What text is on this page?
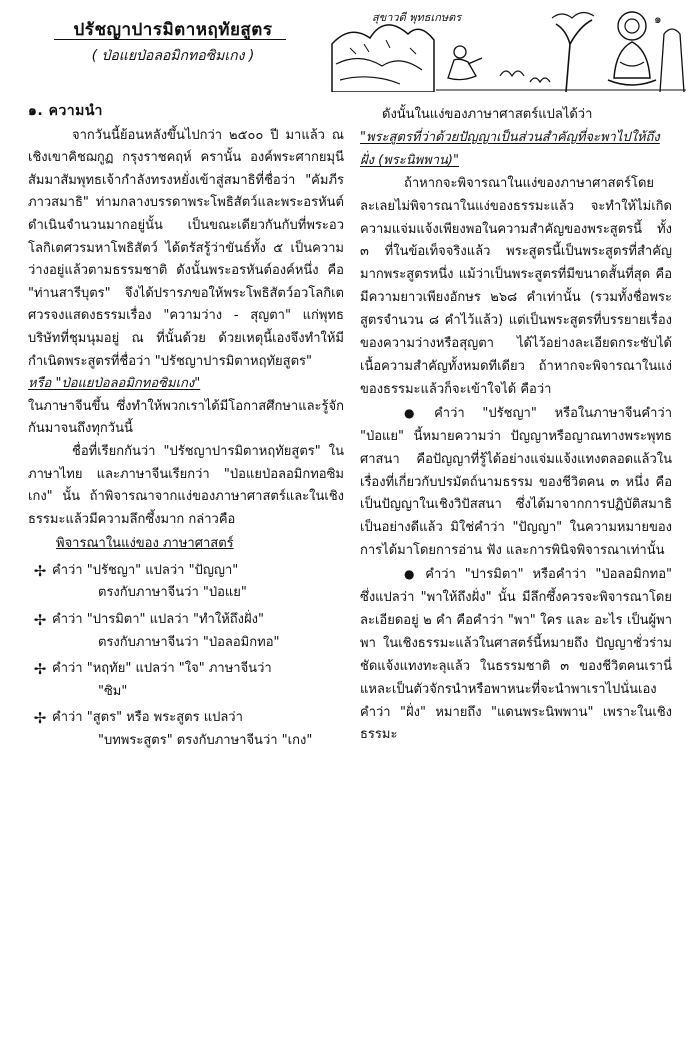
ปรัชญาปารมิตาหฤทัยสูตร
( ป่อแยป่อลอมิกทอซิมเกง )
สุขาวดี พุทธเกษตร	๑
๑. ความนำ

จากวันนี้ย้อนหลังขึ้นไปกว่า ๒๕๐๐ ปี มาแล้ว ณ เชิงเขาคิชฌกูฏ กรุงราชคฤห์ ครานั้น องค์พระศากยมุนีสัมมาสัมพุทธเจ้ากำลังทรงหยั่งเข้าสู่สมาธิที่ชื่อว่า "คัมภีรภาวสมาธิ" ท่ามกลางบรรดาพระโพธิสัตว์และพระอรหันต์ดำเนินจำนวนมากอยู่นั้น เป็นขณะเดียวกันกับที่พระอวโลกิเตศวรมหาโพธิสัตว์ ได้ตรัสรู้ว่าขันธ์ทั้ง ๕ เป็นความว่างอยู่แล้วตามธรรมชาติ ดังนั้นพระอรหันต์องค์หนึ่ง คือ "ท่านสารีบุตร" จึงได้ปรารภขอให้พระโพธิสัตว์อวโลกิเตศวรจงแสดงธรรมเรื่อง "ความว่าง - สุญตา" แก่พุทธบริษัทที่ชุมนุมอยู่ ณ ที่นั้นด้วย ด้วยเหตุนี้เองจึงทำให้มีกำเนิดพระสูตรที่ชื่อว่า "ปรัชญาปารมิตาหฤทัยสูตร"

หรือ "ป่อแยป่อลอมิกทอซิมเกง"

ในภาษาจีนขึ้น ซึ่งทำให้พวกเราได้มีโอกาสศึกษาและรู้จักกันมาจนถึงทุกวันนี้

ชื่อที่เรียกกันว่า "ปรัชญาปารมิตาหฤทัยสูตร" ในภาษาไทย และภาษาจีนเรียกว่า "ป่อแยป่อลอมิกทอซิมเกง" นั้น ถ้าพิจารณาจากแง่ของภาษาศาสตร์และในเชิงธรรมะแล้วมีความลึกซึ้งมาก กล่าวคือ

พิจารณาในแง่ของ ภาษาศาสตร์
✢ คำว่า "ปรัชญา" แปลว่า "ปัญญา"
ตรงกับภาษาจีนว่า "ป่อแย"
✢ คำว่า "ปารมิตา" แปลว่า "ทำให้ถึงฝั่ง"
ตรงกับภาษาจีนว่า "ป่อลอมิกทอ"
✢ คำว่า "หฤทัย" แปลว่า "ใจ" ภาษาจีนว่า
"ซิม"
✢ คำว่า "สูตร" หรือ พระสูตร แปลว่า
"บทพระสูตร" ตรงกับภาษาจีนว่า "เกง"

ดังนั้นในแง่ของภาษาศาสตร์แปลได้ว่า

"พระสูตรที่ว่าด้วยปัญญาเป็นส่วนสำคัญที่จะพาไปให้ถึงฝั่ง (พระนิพพาน)"

ถ้าหากจะพิจารณาในแง่ของภาษาศาสตร์โดยละเลยไม่พิจารณาในแง่ของธรรมะแล้ว จะทำให้ไม่เกิดความแจ่มแจ้งเพียงพอในความสำคัญของพระสูตรนี้ ทั้ง ๓ ที่ในข้อเท็จจริงแล้ว พระสูตรนี้เป็นพระสูตรที่สำคัญมากพระสูตรหนึ่ง แม้ว่าเป็นพระสูตรที่มีขนาดสั้นที่สุด คือมีความยาวเพียงอักษร ๒๖๘ คำเท่านั้น (รวมทั้งชื่อพระสูตรจำนวน ๘ คำไว้แล้ว) แต่เป็นพระสูตรที่บรรยายเรื่องของความว่างหรือสุญตา ได้ไว้อย่างละเอียดกระชับได้เนื้อความสำคัญทั้งหมดทีเดียว ถ้าหากจะพิจารณาในแง่ของธรรมะแล้วก็จะเข้าใจได้ คือว่า

● คำว่า "ปรัชญา" หรือในภาษาจีนคำว่า "ป่อแย" นี้หมายความว่า ปัญญาหรือญาณทางพระพุทธศาสนา คือปัญญาที่รู้ได้อย่างแจ่มแจ้งแทงตลอดแล้วในเรื่องที่เกี่ยวกับปรมัตถ์นามธรรม ของชีวิตคน ๓ หนึ่ง คือเป็นปัญญาในเชิงวิปัสสนา ซึ่งได้มาจากการปฏิบัติสมาธิเป็นอย่างดีแล้ว มิใช่คำว่า "ปัญญา" ในความหมายของการได้มาโดยการอ่าน ฟัง และการพินิจพิจารณาเท่านั้น

● คำว่า "ปารมิตา" หรือคำว่า "ป่อลอมิกทอ" ซึ่งแปลว่า "พาให้ถึงฝั่ง" นั้น มีลึกซึ้งควรจะพิจารณาโดยละเอียดอยู่ ๒ คำ คือคำว่า "พา" ใคร และ อะไร เป็นผู้พาพา ในเชิงธรรมะแล้วในศาสตร์นี้หมายถึง ปัญญาชั่วร่ามชัดแจ้งแทงทะลุแล้ว ในธรรมชาติ ๓ ของชีวิตคนเรานี่แหละเป็นตัวจักรนำหรือพาหนะที่จะนำพาเราไปนั่นเอง คำว่า "ฝั่ง" หมายถึง "แดนพระนิพพาน" เพราะในเชิงธรรมะ
